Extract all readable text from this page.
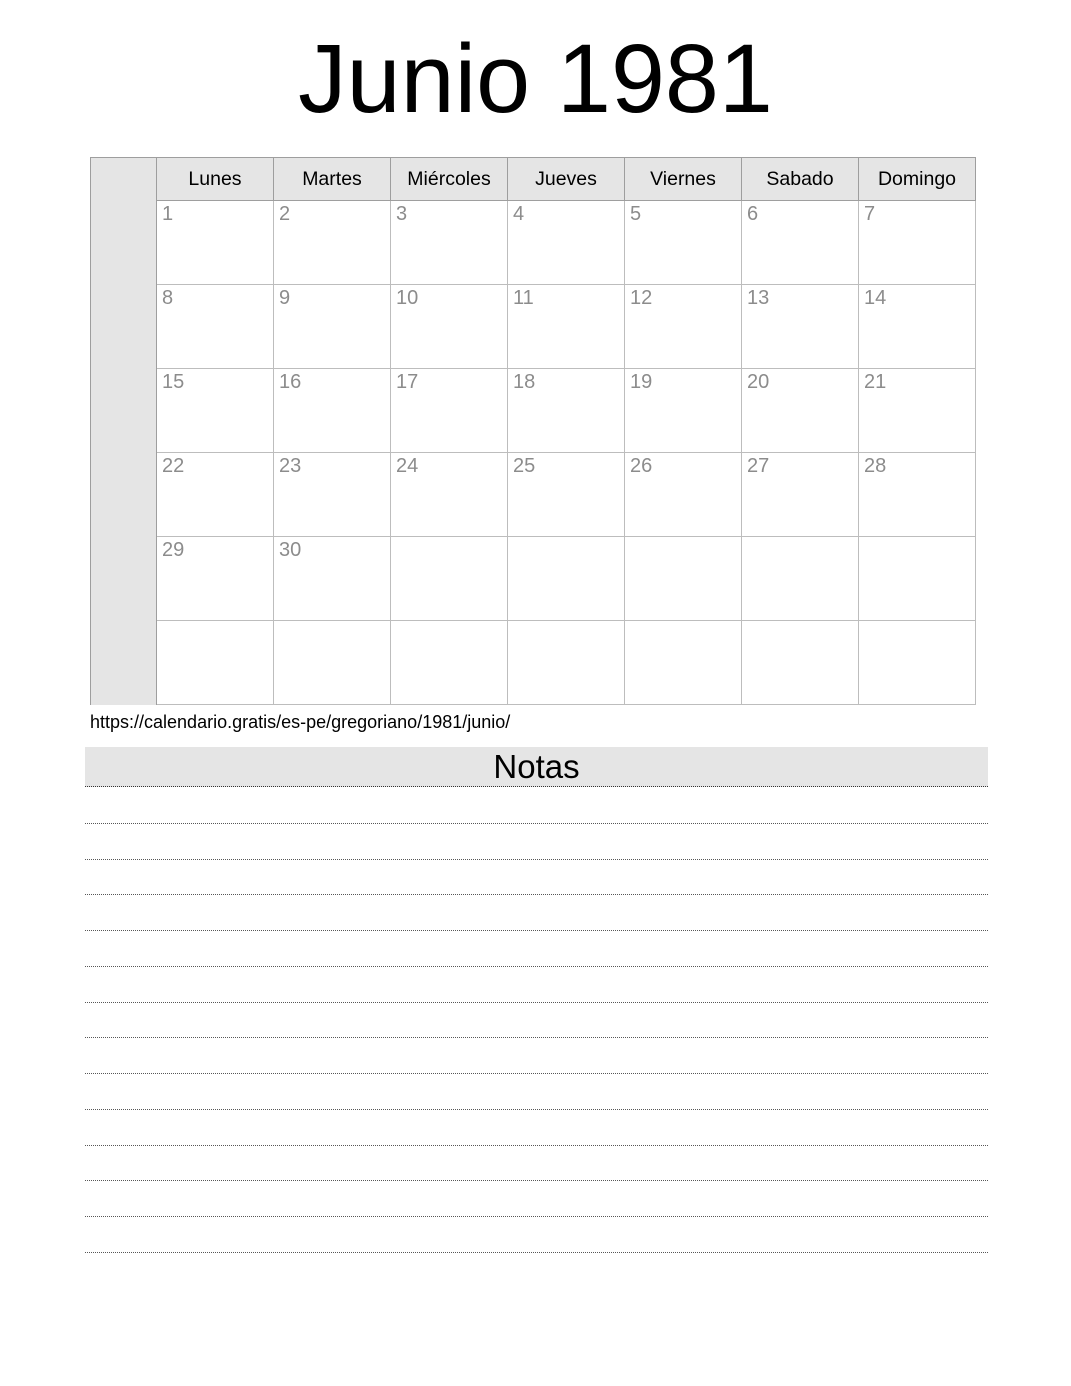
Junio 1981
Lunes	Martes	Miércoles	Jueves	Viernes	Sabado	Domingo
1	2	3	4	5	6	7
8	9	10	11	12	13	14
15	16	17	18	19	20	21
22	23	24	25	26	27	28
29	30
https://calendario.gratis/es-pe/gregoriano/1981/junio/
Notas
